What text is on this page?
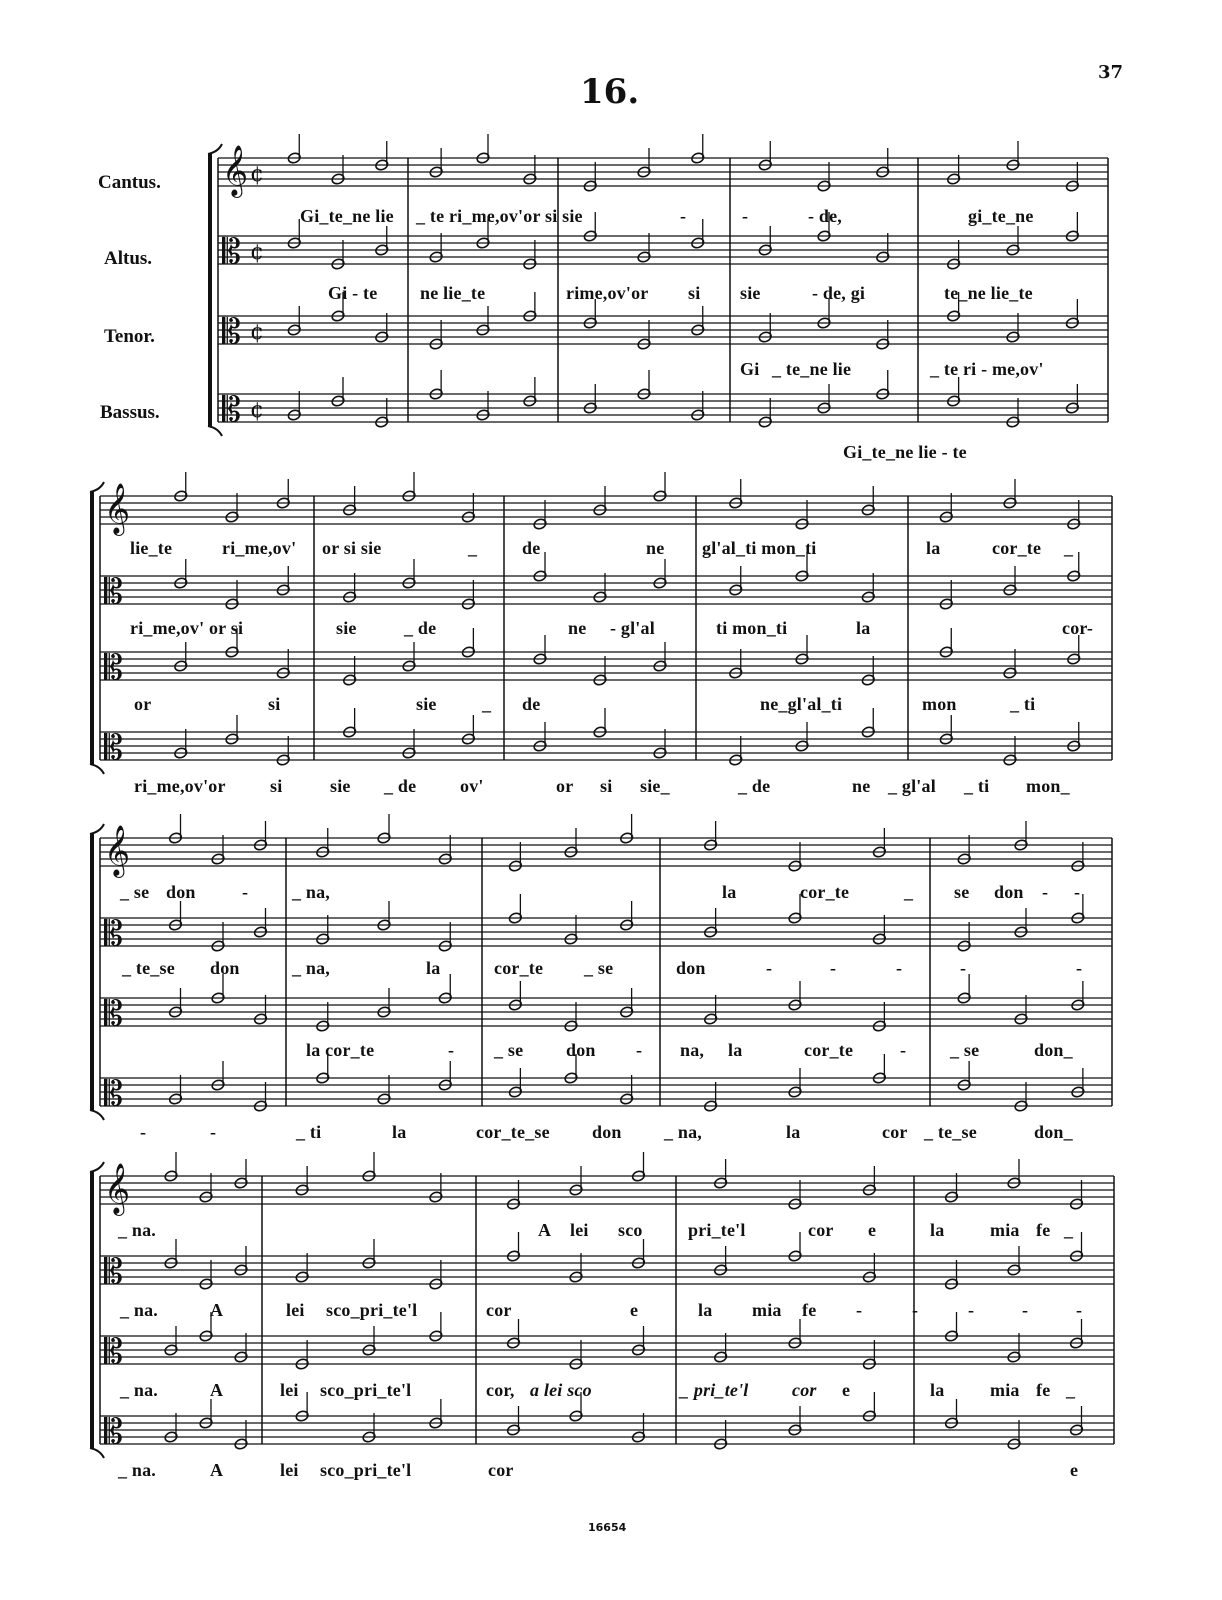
𝄞 ¢
𝄡 ¢
𝄡 ¢
𝄡 ¢
𝄞
𝄡
𝄡
𝄡
𝄞
𝄡
𝄡
𝄡
𝄞
𝄡
𝄡
𝄡
16.	37
16654
Cantus.
Altus.
Tenor.
Bassus.
Gi_te_ne lie _ te ri_me,ov'or si sie	-	-	- de,	gi_te_ne
Gi - te ne lie_te	rime,ov'or si sie	- de, gi	te_ne lie_te
Gi _ te_ne lie	_ te ri - me,ov'
Gi_te_ne lie - te
lie_te	ri_me,ov' or si sie	_ de	ne gl'al_ti mon_ti	la	cor_te _
ri_me,ov' or si	sie	_ de	ne - gl'al	ti mon_ti	la	cor-
or	si	sie	_ de	ne_gl'al_ti	mon	_ ti
ri_me,ov'or si	sie _ de ov'	or si sie_	_ de	ne _ gl'al _ ti mon_
_ se don	- _ na,	la	cor_te	_ se don - -
_ te_se don	_ na,	la	cor_te _ se	don	-	-	-	-	-
la cor_te	- _ se don - na, la	cor_te	- _ se	don_
-	-	_ ti	la	cor_te_se don _ na,	la	cor _ te_se	don_
_ na.	A lei sco	pri_te'l	cor e	la	mia fe _
_ na.	A	lei sco_pri_te'l	cor	e	la mia fe -	-	-	-	-
_ na.	A	lei sco_pri_te'l	cor, a lei sco	_ pri_te'l cor e	la	mia fe _
_ na.	A	lei sco_pri_te'l	cor	e
